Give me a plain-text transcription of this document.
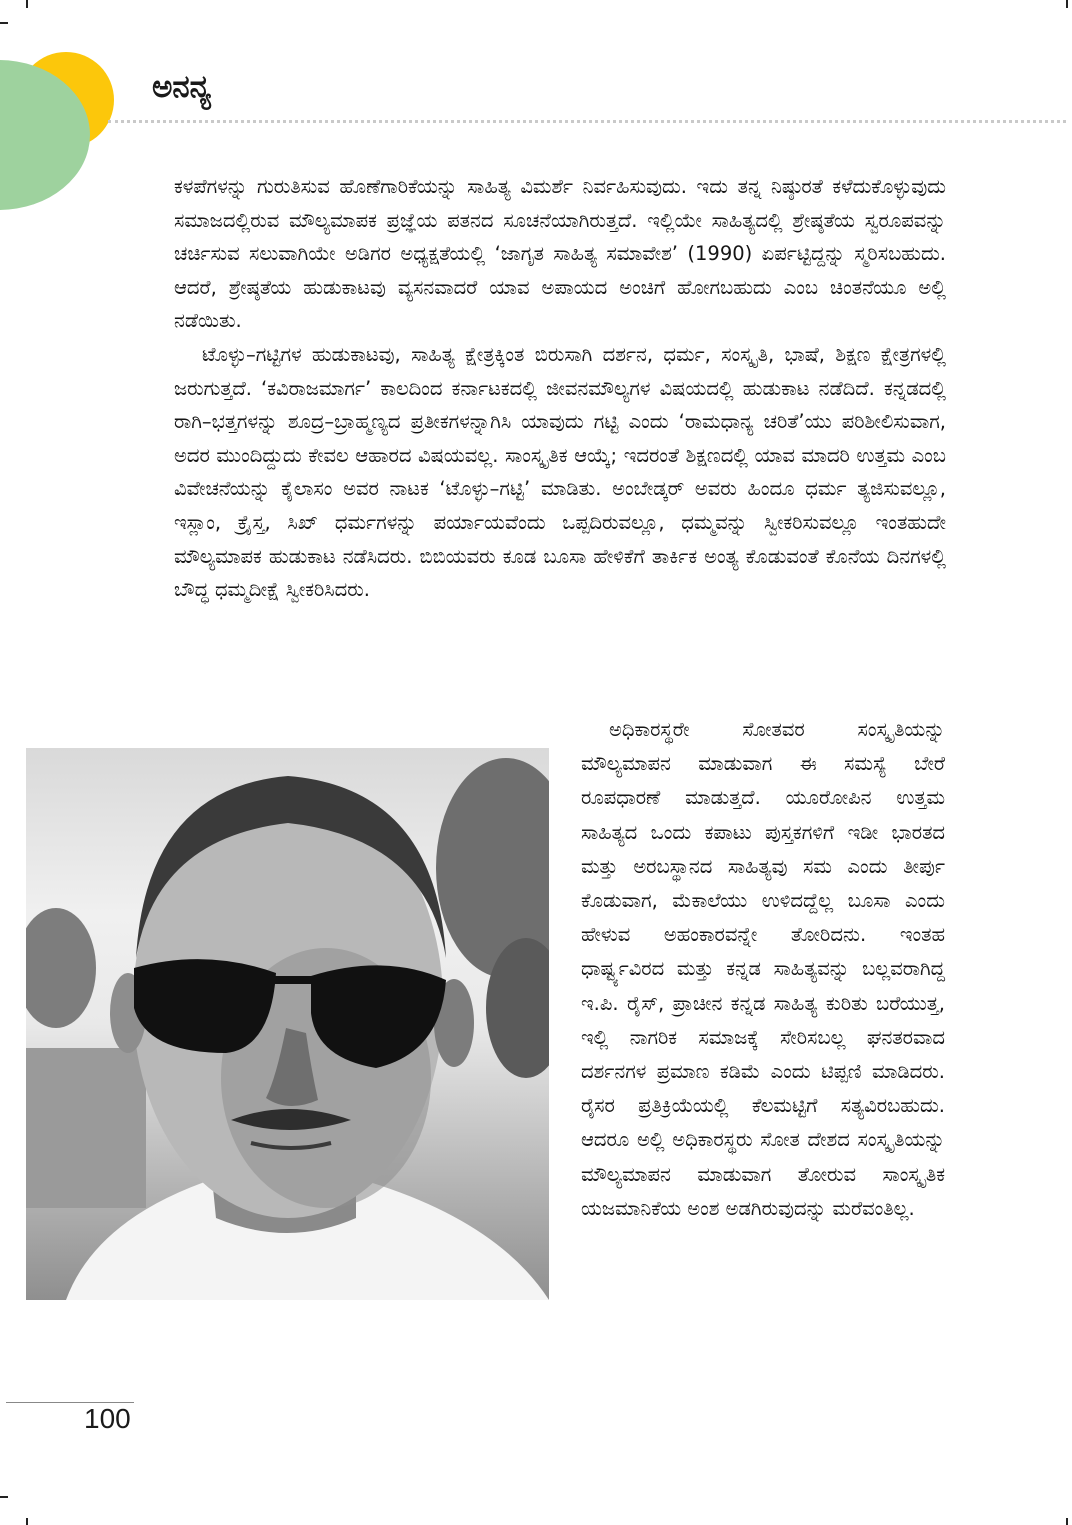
ಅನನ್ಯ

ಕಳಪೆಗಳನ್ನು ಗುರುತಿಸುವ ಹೊಣೆಗಾರಿಕೆಯನ್ನು ಸಾಹಿತ್ಯ ವಿಮರ್ಶೆ ನಿರ್ವಹಿಸುವುದು. ಇದು ತನ್ನ ನಿಷ್ಠುರತೆ ಕಳೆದುಕೊಳ್ಳುವುದು ಸಮಾಜದಲ್ಲಿರುವ ಮೌಲ್ಯಮಾಪಕ ಪ್ರಜ್ಞೆಯ ಪತನದ ಸೂಚನೆಯಾಗಿರುತ್ತದೆ. ಇಲ್ಲಿಯೇ ಸಾಹಿತ್ಯದಲ್ಲಿ ಶ್ರೇಷ್ಠತೆಯ ಸ್ವರೂಪವನ್ನು ಚರ್ಚಿಸುವ ಸಲುವಾಗಿಯೇ ಅಡಿಗರ ಅಧ್ಯಕ್ಷತೆಯಲ್ಲಿ ‘ಜಾಗೃತ ಸಾಹಿತ್ಯ ಸಮಾವೇಶ’ (1990) ಏರ್ಪಟ್ಟಿದ್ದನ್ನು ಸ್ಮರಿಸಬಹುದು. ಆದರೆ, ಶ್ರೇಷ್ಠತೆಯ ಹುಡುಕಾಟವು ವ್ಯಸನವಾದರೆ ಯಾವ ಅಪಾಯದ ಅಂಚಿಗೆ ಹೋಗಬಹುದು ಎಂಬ ಚಿಂತನೆಯೂ ಅಲ್ಲಿ ನಡೆಯಿತು.

ಟೊಳ್ಳು–ಗಟ್ಟಿಗಳ ಹುಡುಕಾಟವು, ಸಾಹಿತ್ಯ ಕ್ಷೇತ್ರಕ್ಕಿಂತ ಬಿರುಸಾಗಿ ದರ್ಶನ, ಧರ್ಮ, ಸಂಸ್ಕೃತಿ, ಭಾಷೆ, ಶಿಕ್ಷಣ ಕ್ಷೇತ್ರಗಳಲ್ಲಿ ಜರುಗುತ್ತದೆ. ‘ಕವಿರಾಜಮಾರ್ಗ’ ಕಾಲದಿಂದ ಕರ್ನಾಟಕದಲ್ಲಿ ಜೀವನಮೌಲ್ಯಗಳ ವಿಷಯದಲ್ಲಿ ಹುಡುಕಾಟ ನಡೆದಿದೆ. ಕನ್ನಡದಲ್ಲಿ ರಾಗಿ–ಭತ್ತಗಳನ್ನು ಶೂದ್ರ–ಬ್ರಾಹ್ಮಣ್ಯದ ಪ್ರತೀಕಗಳನ್ನಾಗಿಸಿ ಯಾವುದು ಗಟ್ಟಿ ಎಂದು ‘ರಾಮಧಾನ್ಯ ಚರಿತೆ’ಯು ಪರಿಶೀಲಿಸುವಾಗ, ಅದರ ಮುಂದಿದ್ದುದು ಕೇವಲ ಆಹಾರದ ವಿಷಯವಲ್ಲ. ಸಾಂಸ್ಕೃತಿಕ ಆಯ್ಕೆ; ಇದರಂತೆ ಶಿಕ್ಷಣದಲ್ಲಿ ಯಾವ ಮಾದರಿ ಉತ್ತಮ ಎಂಬ ವಿವೇಚನೆಯನ್ನು ಕೈಲಾಸಂ ಅವರ ನಾಟಕ ‘ಟೊಳ್ಳು–ಗಟ್ಟಿ’ ಮಾಡಿತು. ಅಂಬೇಡ್ಕರ್ ಅವರು ಹಿಂದೂ ಧರ್ಮ ತ್ಯಜಿಸುವಲ್ಲೂ, ಇಸ್ಲಾಂ, ಕ್ರೈಸ್ತ, ಸಿಖ್ ಧರ್ಮಗಳನ್ನು ಪರ್ಯಾಯವೆಂದು ಒಪ್ಪದಿರುವಲ್ಲೂ, ಧಮ್ಮವನ್ನು ಸ್ವೀಕರಿಸುವಲ್ಲೂ ಇಂತಹುದೇ ಮೌಲ್ಯಮಾಪಕ ಹುಡುಕಾಟ ನಡೆಸಿದರು. ಬಿಬಿಯವರು ಕೂಡ ಬೂಸಾ ಹೇಳಿಕೆಗೆ ತಾರ್ಕಿಕ ಅಂತ್ಯ ಕೊಡುವಂತೆ ಕೊನೆಯ ದಿನಗಳಲ್ಲಿ ಬೌದ್ಧ ಧಮ್ಮದೀಕ್ಷೆ ಸ್ವೀಕರಿಸಿದರು.

ಅಧಿಕಾರಸ್ಥರೇ ಸೋತವರ ಸಂಸ್ಕೃತಿಯನ್ನು ಮೌಲ್ಯಮಾಪನ ಮಾಡುವಾಗ ಈ ಸಮಸ್ಯೆ ಬೇರೆ ರೂಪಧಾರಣೆ ಮಾಡುತ್ತದೆ. ಯೂರೋಪಿನ ಉತ್ತಮ ಸಾಹಿತ್ಯದ ಒಂದು ಕಪಾಟು ಪುಸ್ತಕಗಳಿಗೆ ಇಡೀ ಭಾರತದ ಮತ್ತು ಅರಬಸ್ಥಾನದ ಸಾಹಿತ್ಯವು ಸಮ ಎಂದು ತೀರ್ಪು ಕೊಡುವಾಗ, ಮೆಕಾಲೆಯು ಉಳಿದದ್ದೆಲ್ಲ ಬೂಸಾ ಎಂದು ಹೇಳುವ ಅಹಂಕಾರವನ್ನೇ ತೋರಿದನು. ಇಂತಹ ಧಾರ್ಷ್ಟ್ಯವಿರದ ಮತ್ತು ಕನ್ನಡ ಸಾಹಿತ್ಯವನ್ನು ಬಲ್ಲವರಾಗಿದ್ದ ಇ.ಪಿ. ರೈಸ್, ಪ್ರಾಚೀನ ಕನ್ನಡ ಸಾಹಿತ್ಯ ಕುರಿತು ಬರೆಯುತ್ತ, ಇಲ್ಲಿ ನಾಗರಿಕ ಸಮಾಜಕ್ಕೆ ಸೇರಿಸಬಲ್ಲ ಘನತರವಾದ ದರ್ಶನಗಳ ಪ್ರಮಾಣ ಕಡಿಮೆ ಎಂದು ಟಿಪ್ಪಣಿ ಮಾಡಿದರು. ರೈಸರ ಪ್ರತಿಕ್ರಿಯೆಯಲ್ಲಿ ಕೆಲಮಟ್ಟಿಗೆ ಸತ್ಯವಿರಬಹುದು. ಆದರೂ ಅಲ್ಲಿ ಅಧಿಕಾರಸ್ಥರು ಸೋತ ದೇಶದ ಸಂಸ್ಕೃತಿಯನ್ನು ಮೌಲ್ಯಮಾಪನ ಮಾಡುವಾಗ ತೋರುವ ಸಾಂಸ್ಕೃತಿಕ ಯಜಮಾನಿಕೆಯ ಅಂಶ ಅಡಗಿರುವುದನ್ನು ಮರೆವಂತಿಲ್ಲ.

100
